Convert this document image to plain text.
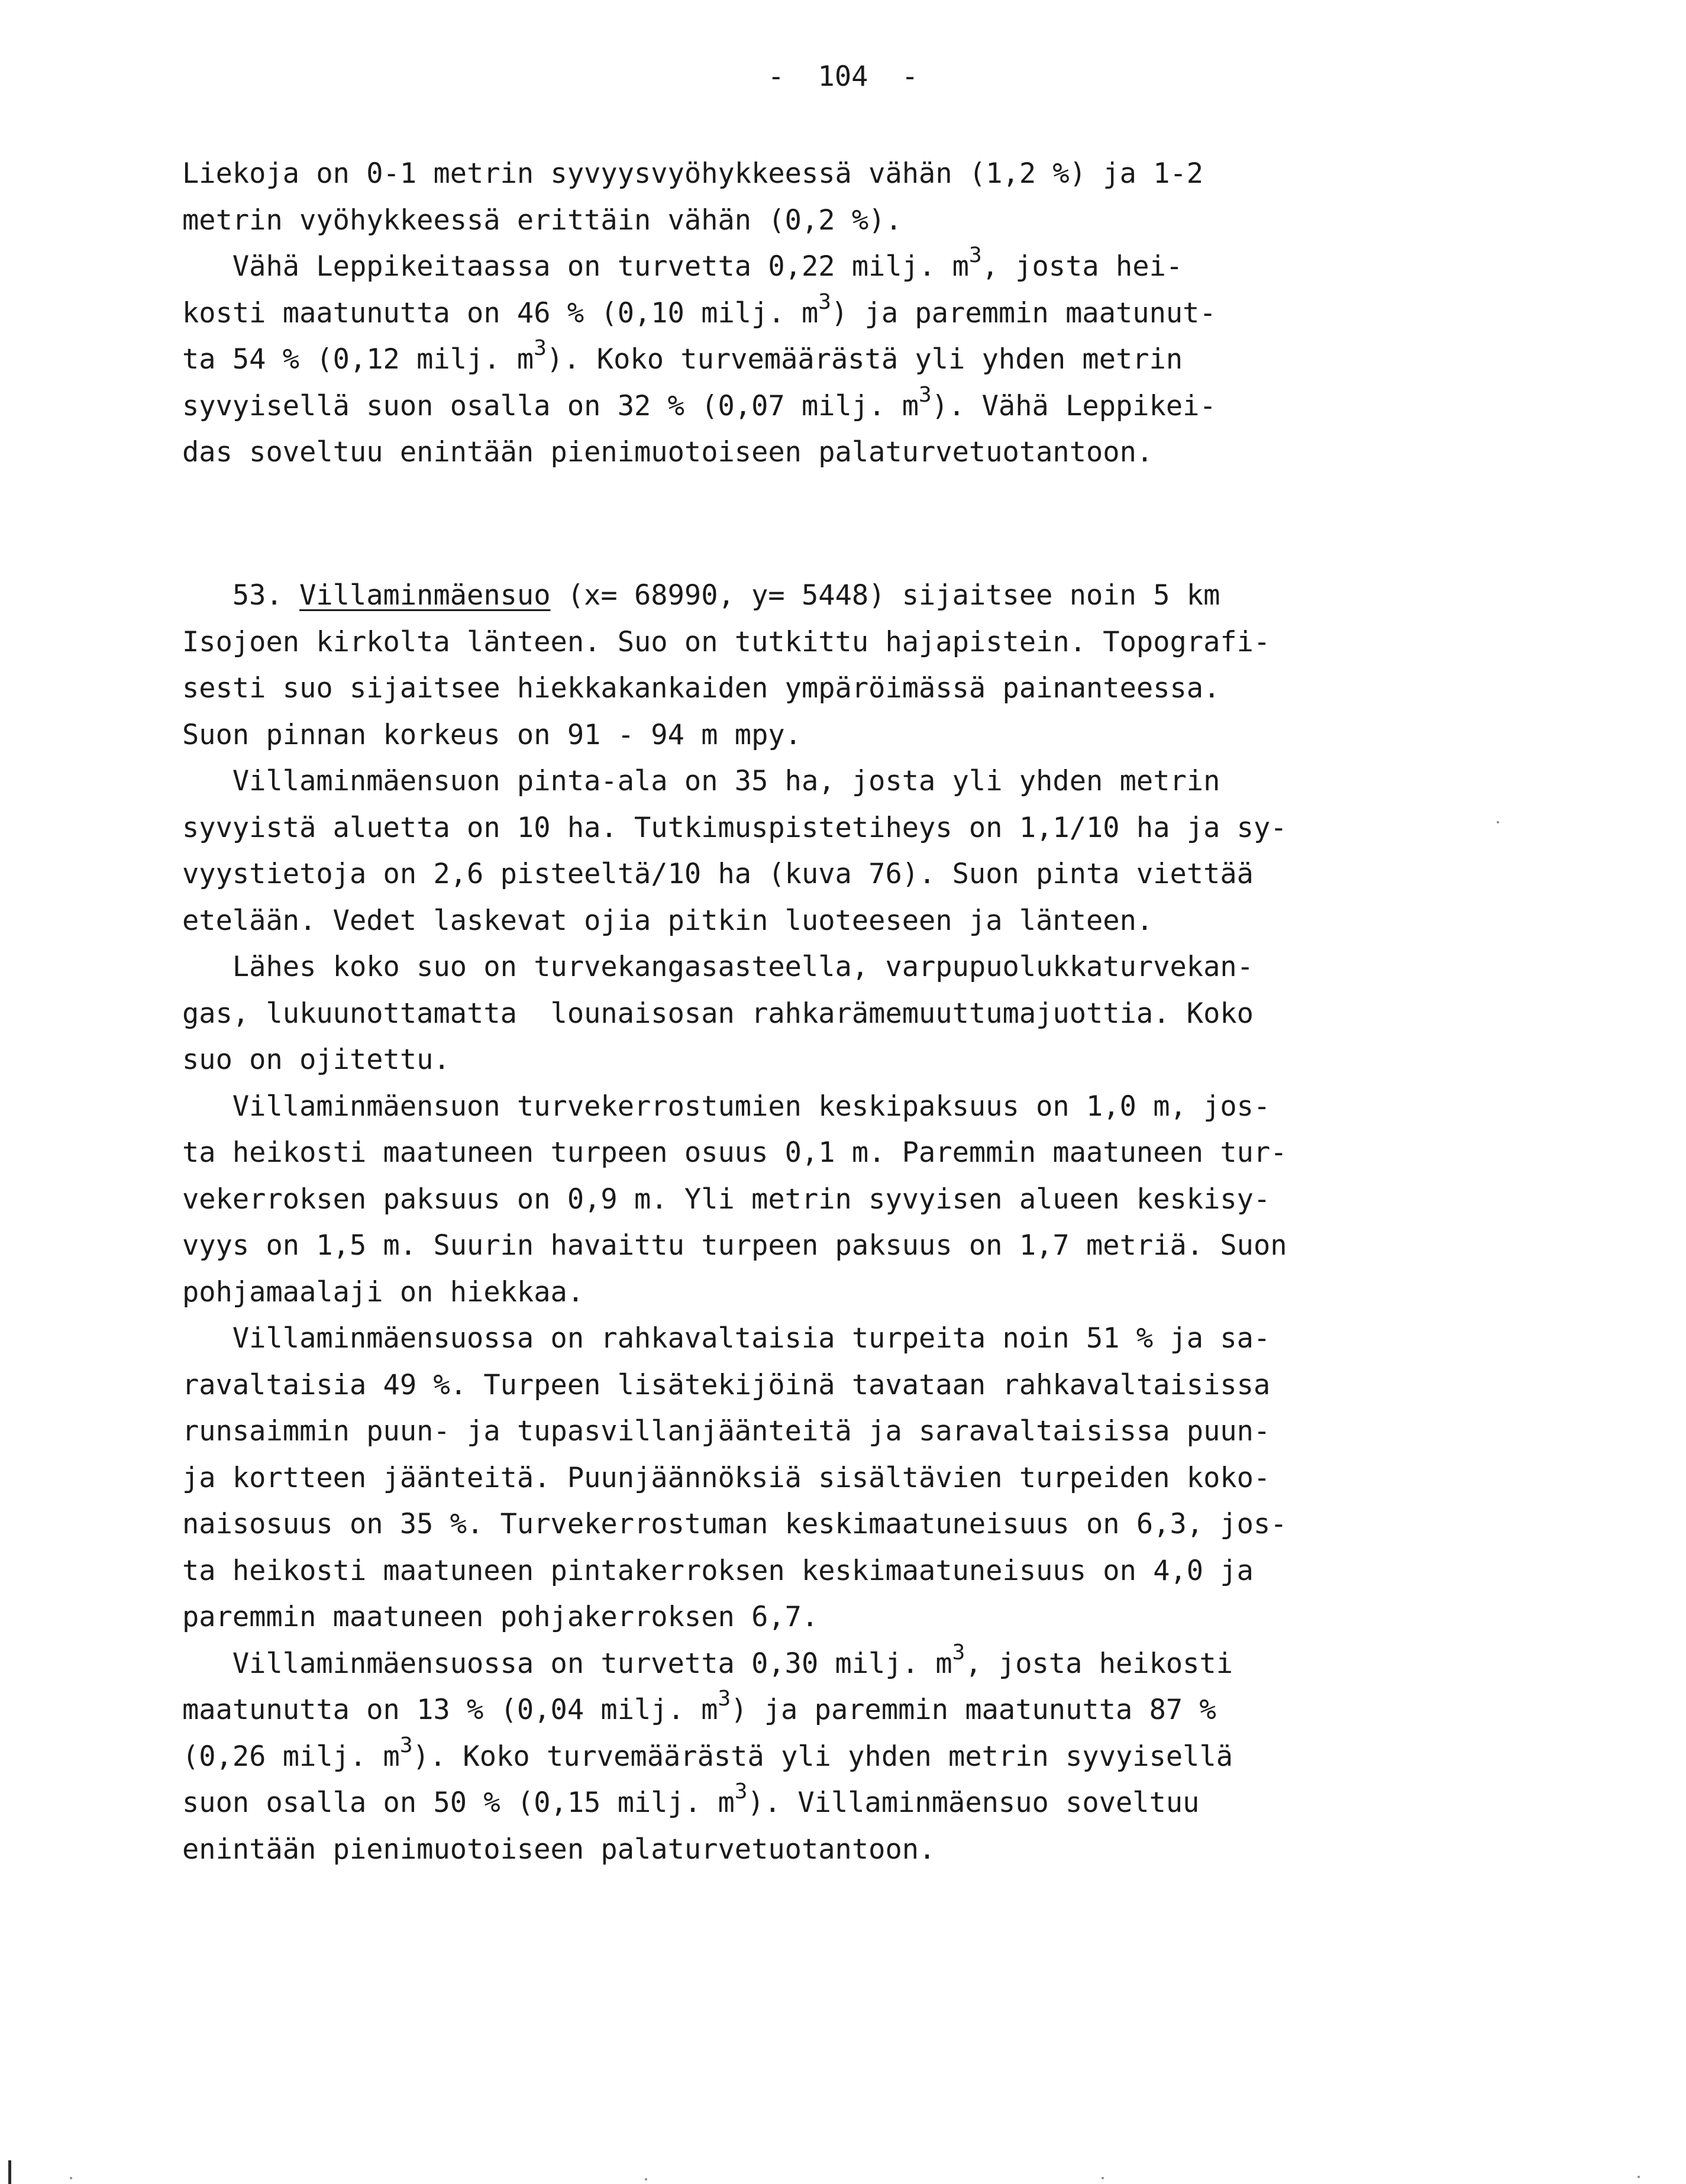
-  104  -
Liekoja on 0-1 metrin syvyysvyöhykkeessä vähän (1,2 %) ja 1-2
metrin vyöhykkeessä erittäin vähän (0,2 %).
Vähä Leppikeitaassa on turvetta 0,22 milj. $m^3$, josta hei-
kosti maatunutta on 46 % (0,10 milj. $m^3$) ja paremmin maatunut-
ta 54 % (0,12 milj. $m^3$). Koko turvemäärästä yli yhden metrin
syvyisellä suon osalla on 32 % (0,07 milj. $m^3$). Vähä Leppikei-
das soveltuu enintään pienimuotoiseen palaturvetuotantoon.
53. Villaminmäensuo (x= 68990, y= 5448) sijaitsee noin 5 km
Isojoen kirkolta länteen. Suo on tutkittu hajapistein. Topografi-
sesti suo sijaitsee hiekkakankaiden ympäröimässä painanteessa.
Suon pinnan korkeus on 91 - 94 m mpy.
Villaminmäensuon pinta-ala on 35 ha, josta yli yhden metrin
syvyistä aluetta on 10 ha. Tutkimuspistetiheys on 1,1/10 ha ja sy-
vyystietoja on 2,6 pisteeltä/10 ha (kuva 76). Suon pinta viettää
etelään. Vedet laskevat ojia pitkin luoteeseen ja länteen.
Lähes koko suo on turvekangasasteella, varpupuolukkaturvekan-
gas, lukuunottamatta  lounaisosan rahkarämemuuttumajuottia. Koko
suo on ojitettu.
Villaminmäensuon turvekerrostumien keskipaksuus on 1,0 m, jos-
ta heikosti maatuneen turpeen osuus 0,1 m. Paremmin maatuneen tur-
vekerroksen paksuus on 0,9 m. Yli metrin syvyisen alueen keskisy-
vyys on 1,5 m. Suurin havaittu turpeen paksuus on 1,7 metriä. Suon
pohjamaalaji on hiekkaa.
Villaminmäensuossa on rahkavaltaisia turpeita noin 51 % ja sa-
ravaltaisia 49 %. Turpeen lisätekijöinä tavataan rahkavaltaisissa
runsaimmin puun- ja tupasvillanjäänteitä ja saravaltaisissa puun-
ja kortteen jäänteitä. Puunjäännöksiä sisältävien turpeiden koko-
naisosuus on 35 %. Turvekerrostuman keskimaatuneisuus on 6,3, jos-
ta heikosti maatuneen pintakerroksen keskimaatuneisuus on 4,0 ja
paremmin maatuneen pohjakerroksen 6,7.
Villaminmäensuossa on turvetta 0,30 milj. $m^3$, josta heikosti
maatunutta on 13 % (0,04 milj. $m^3$) ja paremmin maatunutta 87 %
(0,26 milj. $m^3$). Koko turvemäärästä yli yhden metrin syvyisellä
suon osalla on 50 % (0,15 milj. $m^3$). Villaminmäensuo soveltuu
enintään pienimuotoiseen palaturvetuotantoon.
